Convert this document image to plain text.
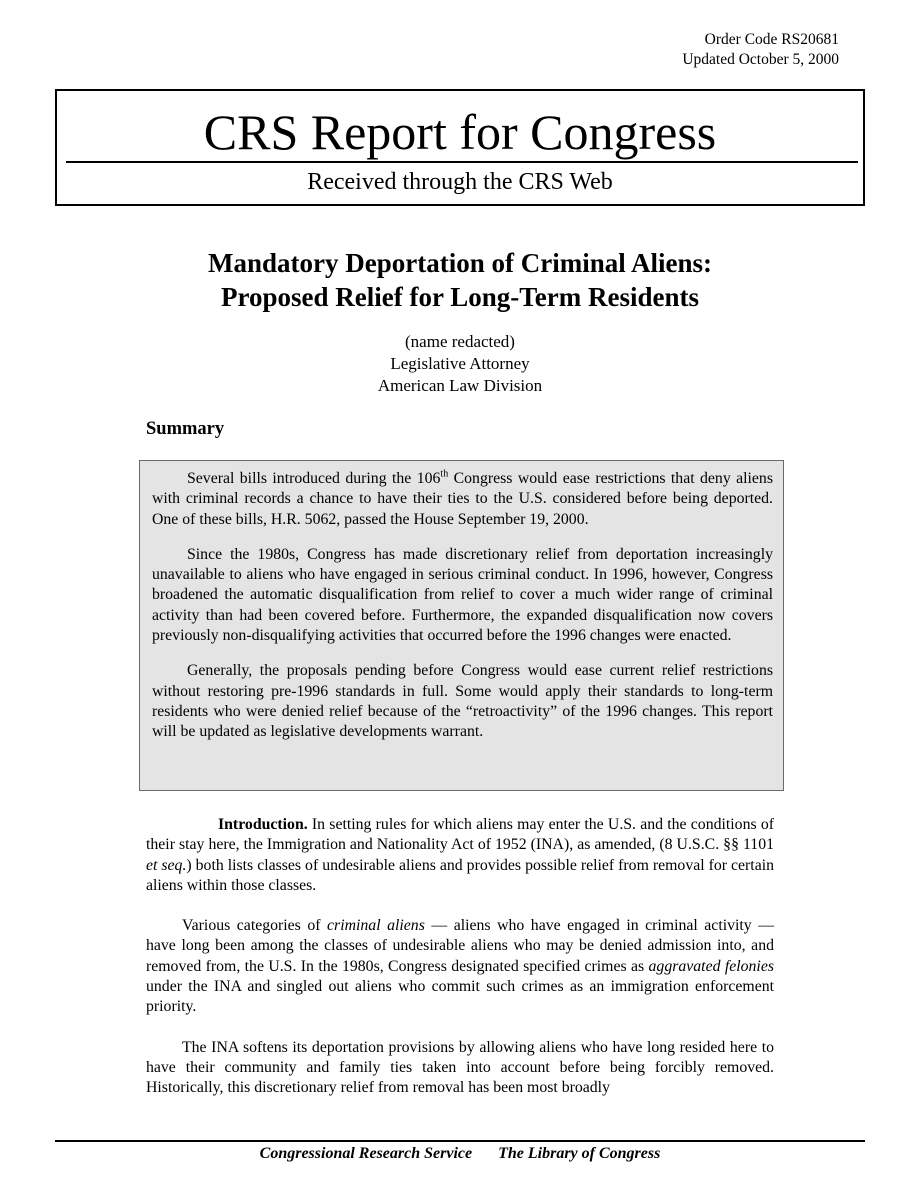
Order Code RS20681
Updated October 5, 2000
CRS Report for Congress
Received through the CRS Web
Mandatory Deportation of Criminal Aliens:
Proposed Relief for Long-Term Residents
(name redacted)
Legislative Attorney
American Law Division
Summary

Several bills introduced during the 106th Congress would ease restrictions that deny aliens with criminal records a chance to have their ties to the U.S. considered before being deported. One of these bills, H.R. 5062, passed the House September 19, 2000.

Since the 1980s, Congress has made discretionary relief from deportation increasingly unavailable to aliens who have engaged in serious criminal conduct. In 1996, however, Congress broadened the automatic disqualification from relief to cover a much wider range of criminal activity than had been covered before. Furthermore, the expanded disqualification now covers previously non-disqualifying activities that occurred before the 1996 changes were enacted.

Generally, the proposals pending before Congress would ease current relief restrictions without restoring pre-1996 standards in full. Some would apply their standards to long-term residents who were denied relief because of the “retroactivity” of the 1996 changes. This report will be updated as legislative developments warrant.

Introduction. In setting rules for which aliens may enter the U.S. and the conditions of their stay here, the Immigration and Nationality Act of 1952 (INA), as amended, (8 U.S.C. §§ 1101 et seq.) both lists classes of undesirable aliens and provides possible relief from removal for certain aliens within those classes.

Various categories of criminal aliens — aliens who have engaged in criminal activity — have long been among the classes of undesirable aliens who may be denied admission into, and removed from, the U.S. In the 1980s, Congress designated specified crimes as aggravated felonies under the INA and singled out aliens who commit such crimes as an immigration enforcement priority.

The INA softens its deportation provisions by allowing aliens who have long resided here to have their community and family ties taken into account before being forcibly removed. Historically, this discretionary relief from removal has been most broadly

Congressional Research Service The Library of Congress
